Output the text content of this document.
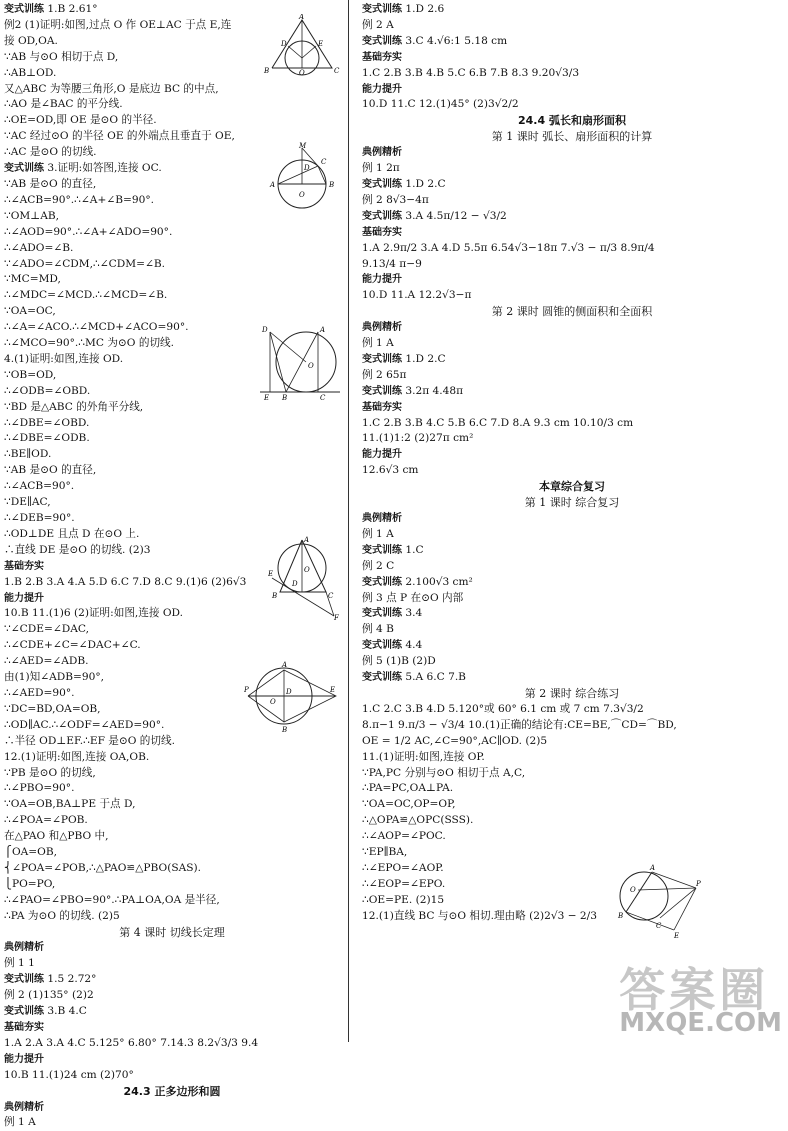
变式训练 1.B 2.61°
例2 (1)证明:如图,过点 O 作 OE⊥AC 于点 E,连
接 OD,OA.
∵AB 与⊙O 相切于点 D,
∴AB⊥OD.
又△ABC 为等腰三角形,O 是底边 BC 的中点,
∴AO 是∠BAC 的平分线.
∴OE=OD,即 OE 是⊙O 的半径.
∵AC 经过⊙O 的半径 OE 的外端点且垂直于 OE,
∴AC 是⊙O 的切线.
变式训练 3.证明:如答图,连接 OC.
∵AB 是⊙O 的直径,
∴∠ACB=90°.∴∠A+∠B=90°.
∵OM⊥AB,
∴∠AOD=90°.∴∠A+∠ADO=90°.
∴∠ADO=∠B.
∵∠ADO=∠CDM,∴∠CDM=∠B.
∵MC=MD,
∴∠MDC=∠MCD.∴∠MCD=∠B.
∵OA=OC,
∴∠A=∠ACO.∴∠MCD+∠ACO=90°.
∴∠MCO=90°.∴MC 为⊙O 的切线.
4.(1)证明:如图,连接 OD.
∵OB=OD,
∴∠ODB=∠OBD.
∵BD 是△ABC 的外角平分线,
∴∠DBE=∠OBD.
∴∠DBE=∠ODB.
∴BE∥OD.
∵AB 是⊙O 的直径,
∴∠ACB=90°.
∵DE∥AC,
∴∠DEB=90°.
∴OD⊥DE 且点 D 在⊙O 上.
∴直线 DE 是⊙O 的切线. (2)3
基础夯实
1.B 2.B 3.A 4.A 5.D 6.C 7.D 8.C 9.(1)6 (2)6√3
能力提升
10.B 11.(1)6 (2)证明:如图,连接 OD.
∵∠CDE=∠DAC,
∴∠CDE+∠C=∠DAC+∠C.
∴∠AED=∠ADB.
由(1)知∠ADB=90°,
∴∠AED=90°.
∵DC=BD,OA=OB,
∴OD∥AC.∴∠ODF=∠AED=90°.
∴半径 OD⊥EF.∴EF 是⊙O 的切线.
12.(1)证明:如图,连接 OA,OB.
∵PB 是⊙O 的切线,
∴∠PBO=90°.
∵OA=OB,BA⊥PE 于点 D,
∴∠POA=∠POB.
在△PAO 和△PBO 中,
⎧OA=OB,
⎨∠POA=∠POB,∴△PAO≌△PBO(SAS).
⎩PO=PO,
∴∠PAO=∠PBO=90°.∴PA⊥OA,OA 是半径,
∴PA 为⊙O 的切线. (2)5
第 4 课时 切线长定理
典例精析
例 1 1
变式训练 1.5 2.72°
例 2 (1)135° (2)2
变式训练 3.B 4.C
基础夯实
1.A 2.A 3.A 4.C 5.125° 6.80° 7.14.3 8.2√3/3 9.4
能力提升
10.B 11.(1)24 cm (2)70°
24.3 正多边形和圆
典例精析
例 1 A
变式训练 1.D 2.6
例 2 A
变式训练 3.C 4.√6:1 5.18 cm
基础夯实
1.C 2.B 3.B 4.B 5.C 6.B 7.B 8.3 9.20√3/3
能力提升
10.D 11.C 12.(1)45° (2)3√2/2
24.4 弧长和扇形面积
第 1 课时 弧长、扇形面积的计算
典例精析
例 1 2π
变式训练 1.D 2.C
例 2 8√3−4π
变式训练 3.A 4.5π/12 − √3/2
基础夯实
1.A 2.9π/2 3.A 4.D 5.5π 6.54√3−18π 7.√3 − π/3 8.9π/4
9.13/4 π−9
能力提升
10.D 11.A 12.2√3−π
第 2 课时 圆锥的侧面积和全面积
典例精析
例 1 A
变式训练 1.D 2.C
例 2 65π
变式训练 3.2π 4.48π
基础夯实
1.C 2.B 3.B 4.C 5.B 6.C 7.D 8.A 9.3 cm 10.10/3 cm
11.(1)1:2 (2)27π cm²
能力提升
12.6√3 cm
本章综合复习
第 1 课时 综合复习
典例精析
例 1 A
变式训练 1.C
例 2 C
变式训练 2.100√3 cm²
例 3 点 P 在⊙O 内部
变式训练 3.4
例 4 B
变式训练 4.4
例 5 (1)B (2)D
变式训练 5.A 6.C 7.B
第 2 课时 综合练习
1.C 2.C 3.B 4.D 5.120°或 60° 6.1 cm 或 7 cm 7.3√3/2
8.π−1 9.π/3 − √3/4 10.(1)正确的结论有:CE=BE,⌒CD=⌒BD,
OE = 1/2 AC,∠C=90°,AC∥OD. (2)5
11.(1)证明:如图,连接 OP.
∵PA,PC 分别与⊙O 相切于点 A,C,
∴PA=PC,OA⊥PA.
∵OA=OC,OP=OP,
∴△OPA≌△OPC(SSS).
∴∠AOP=∠POC.
∵EP∥BA,
∴∠EPO=∠AOP.
∴∠EOP=∠EPO.
∴OE=PE. (2)15
12.(1)直线 BC 与⊙O 相切.理由略 (2)2√3 − 2/3
A
B	C
D	E
O
M
A	B
C
D
O
A
B	C
D
E
O
A
B	C
D
E
F
O
A
B
D	E
O
P
A
B
C
E
O
P
答案圈
MXQE.COM
